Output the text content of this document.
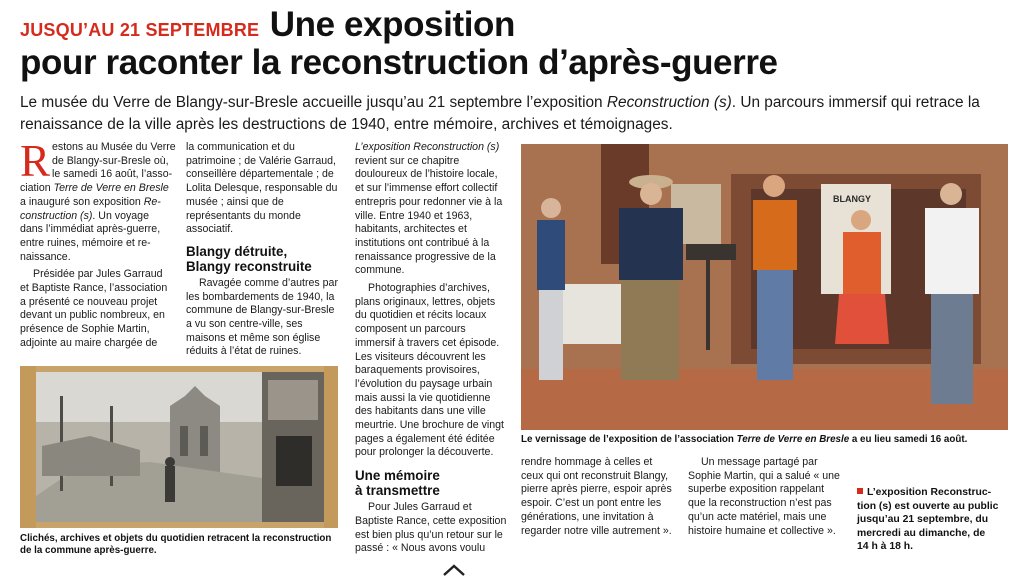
JUSQU’AU 21 SEPTEMBRE Une exposition
pour raconter la reconstruction d’après-guerre
Le musée du Verre de Blangy-sur-Bresle accueille jusqu’au 21 septembre l’exposition Reconstruction (s). Un parcours immersif qui retrace la renaissance de la ville après les destructions de 1940, entre mémoire, archives et témoignages.
R estons au Musée du Verre
de Blangy-sur-Bresle où,
le samedi 16 août, l’asso-
ciation Terre de Verre en Bresle
a inauguré son exposition Re-
construction (s). Un voyage
dans l’immédiat après-guerre,
entre ruines, mémoire et re-
naissance.

Présidée par Jules Garraud et Baptiste Rance, l’association a présenté ce nouveau projet devant un public nombreux, en présence de Sophie Martin, adjointe au maire chargée de

la communication et du patrimoine ; de Valérie Garraud, conseillère départementale ; de Lolita Delesque, responsable du musée ; ainsi que de représentants du monde associatif.

Blangy détruite,
Blangy reconstruite

Ravagée comme d’autres par les bombardements de 1940, la commune de Blangy-sur-Bresle a vu son centre-ville, ses maisons et même son église réduits à l’état de ruines.

Clichés, archives et objets du quotidien retracent la reconstruction de la commune après-guerre.

L’exposition Reconstruction (s) revient sur ce chapitre douloureux de l’histoire locale, et sur l’immense effort collectif entrepris pour redonner vie à la ville. Entre 1940 et 1963, habitants, architectes et institutions ont contribué à la renaissance progressive de la commune.

Photographies d’archives, plans originaux, lettres, objets du quotidien et récits locaux composent un parcours immersif à travers cet épisode. Les visiteurs découvrent les baraquements provisoires, l’évolution du paysage urbain mais aussi la vie quotidienne des habitants dans une ville meurtrie. Une brochure de vingt pages a également été éditée pour prolonger la découverte.

Une mémoire
à transmettre

Pour Jules Garraud et Baptiste Rance, cette exposition est bien plus qu’un retour sur le passé : « Nous avons voulu

BLANGY
Le vernissage de l’exposition de l’association Terre de Verre en Bresle a eu lieu samedi 16 août.

rendre hommage à celles et ceux qui ont reconstruit Blangy, pierre après pierre, espoir après espoir. C’est un pont entre les générations, une invitation à regarder notre ville autrement ».

Un message partagé par Sophie Martin, qui a salué « une superbe exposition rappelant que la reconstruction n’est pas qu’un acte matériel, mais une histoire humaine et collective ».

L’exposition Reconstruc-
tion (s) est ouverte au public
jusqu’au 21 septembre, du
mercredi au dimanche, de
14 h à 18 h.
